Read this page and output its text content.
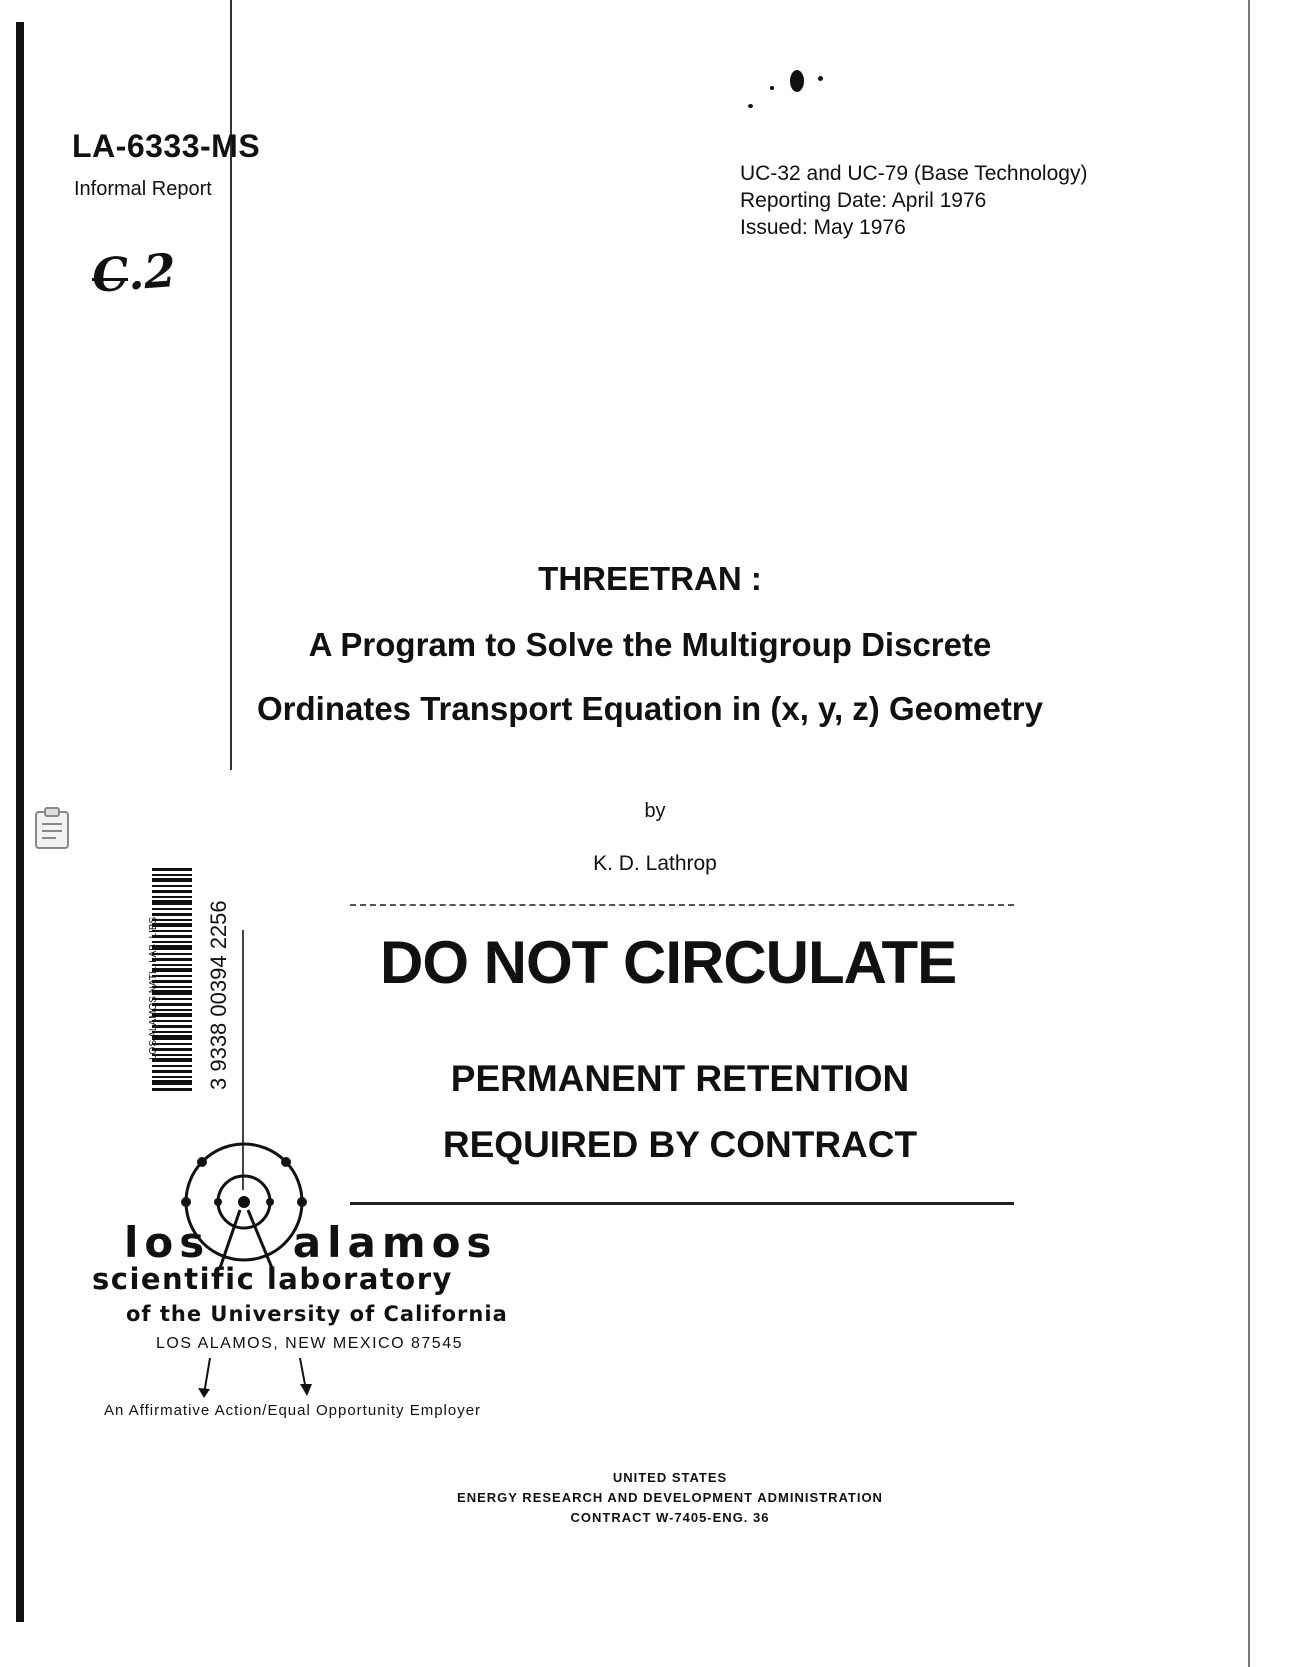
LA-6333-MS
Informal Report
C.2
UC-32 and UC-79 (Base Technology)
Reporting Date: April 1976
Issued: May 1976
THREETRAN :
A Program to Solve the Multigroup Discrete
Ordinates Transport Equation in (x, y, z) Geometry
by
K. D. Lathrop
3 9338 00394 2256
LOS ALAMOS NATL. LAB. LIBS.	DO NOT CIRCULATE
PERMANENT RETENTION
REQUIRED BY CONTRACT
los    alamos
scientific laboratory
of the University of California
LOS ALAMOS, NEW MEXICO 87545
An Affirmative Action/Equal Opportunity Employer
UNITED STATES
ENERGY RESEARCH AND DEVELOPMENT ADMINISTRATION
CONTRACT W-7405-ENG. 36
